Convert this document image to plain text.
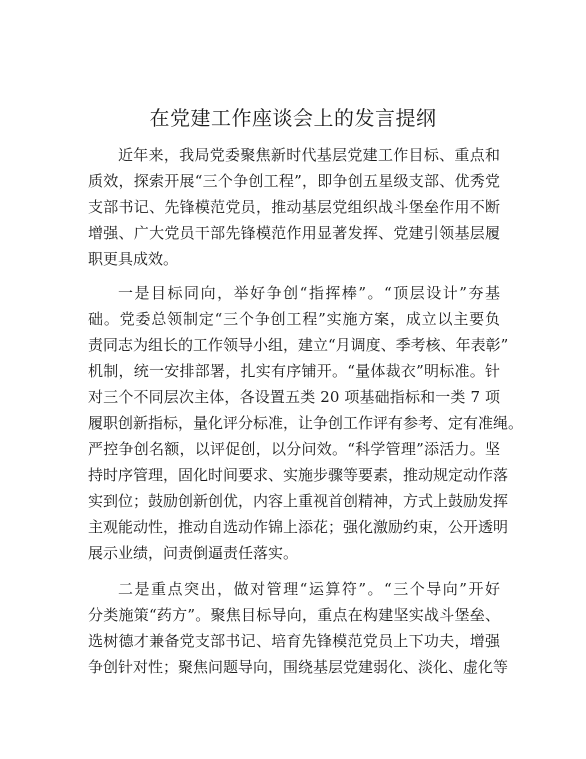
在党建工作座谈会上的发言提纲
近年来，我局党委聚焦新时代基层党建工作目标、重点和
质效，探索开展“三个争创工程”，即争创五星级支部、优秀党
支部书记、先锋模范党员，推动基层党组织战斗堡垒作用不断
增强、广大党员干部先锋模范作用显著发挥、党建引领基层履
职更具成效。
一是目标同向，举好争创“指挥棒”。“顶层设计”夯基
础。党委总领制定“三个争创工程”实施方案，成立以主要负
责同志为组长的工作领导小组，建立“月调度、季考核、年表彰”
机制，统一安排部署，扎实有序铺开。“量体裁衣”明标准。针
对三个不同层次主体，各设置五类 20 项基础指标和一类 7 项
履职创新指标，量化评分标准，让争创工作评有参考、定有准绳。
严控争创名额，以评促创，以分问效。“科学管理”添活力。坚
持时序管理，固化时间要求、实施步骤等要素，推动规定动作落
实到位；鼓励创新创优，内容上重视首创精神，方式上鼓励发挥
主观能动性，推动自选动作锦上添花；强化激励约束，公开透明
展示业绩，问责倒逼责任落实。
二是重点突出，做对管理“运算符”。“三个导向”开好
分类施策“药方”。聚焦目标导向，重点在构建坚实战斗堡垒、
选树德才兼备党支部书记、培育先锋模范党员上下功夫，增强
争创针对性；聚焦问题导向，围绕基层党建弱化、淡化、虚化等
